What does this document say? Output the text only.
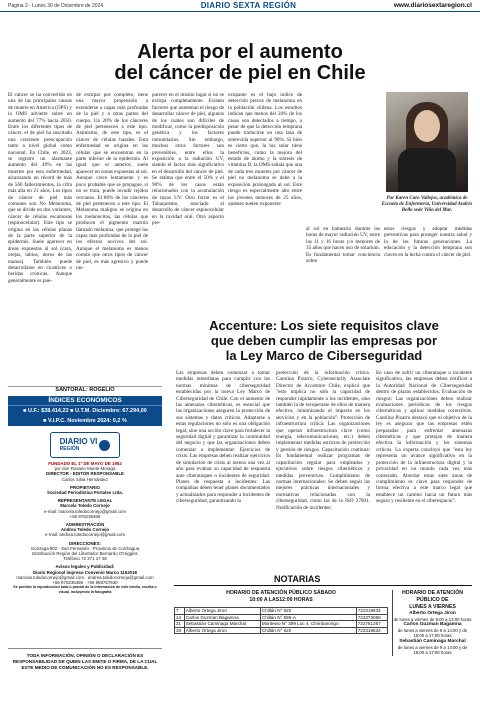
Página 2 - Lunes 30 de Diciembre de 2024	DIARIO SEXTA REGIÓN	www.diariosextaregion.cl
Alerta por el aumento
del cáncer de piel en Chile
El cáncer se ha convertido en una de las principales causas de muerte en América (OPS) y la OMS advierte sobre un aumento del 77% hacia 2050. Entre los diferentes tipos de cáncer, el de piel ha suscitado una creciente preocupación tanto a nivel global como nacional. En Chile, en 2023, se registró un alarmante aumento del 49% en las muertes por esta enfermedad, alcanzando un récord de más de 560 fallecimientos, la cifra más alta en 21 años. Los tipos de cáncer de piel más comunes son No Melanoma, que se divide en dos variantes, cáncer de células escamosas (espinocelular). Este tipo se origina en las células planas de la parte superior de la epidermis. Suele aparecer en áreas expuestas al sol (cara, orejas, labios, dorso de las manos). También puede desarrollarse en cicatrices o heridas crónicas. Aunque generalmente es pue-
de extirpar por completo, tiene una mayor propensión a extenderse a capas más profundas de la piel y a otras partes del cuerpo. Un 20% de los cánceres de piel pertenecen a este tipo. Asimismo, de este tipo, es el cáncer de células basales. Esta enfermedad se origina en las células que se encuentran en la parte inferior de la epidermis. Al igual que el anterior, suele aparecer en zonas expuestas al sol. Aunque crece lentamente y es poco probable que se propague, si no se trata, puede invadir tejidos cercanos. El 80% de los cánceres de piel pertenecen a este tipo. El Melanoma maligno se origina en los melanocitos, las células que producen el pigmento marrón llamado melanina, que protege las capas más profundas de la piel de los efectos nocivos del sol. Aunque el melanoma es menos común que otros tipos de cáncer de piel, es más agresivo y puede ras-
parecer en el mismo lugar si no se extirpa completamente. Existen factores que aumentan el riesgo de desarrollar cáncer de piel, algunos de los cuales son difíciles de modificar, como la predisposición genética y los factores inmunitarios. Sin embargo, muchos otros factores son prevenibles, entre ellos la exposición a la radiación UV, siendo el factor más significativo en el desarrollo del cáncer de piel. Se estima que entre el 50% y el 90% de los casos están relacionados con la acumulación de rayos UV. Otro factor es el Tabaquismo, asociado al desarrollo de cáncer espinocelular en la cavidad oral. Otro aspecto pre-
ocupante es el bajo índice de detección precoz de melanoma en la población chilena. Los estudios indican que menos del 20% de los casos son detectados a tiempo, a pesar de que la detección temprana puede traducirse en una tasa de sobrevida superior al 90%. Si bien es cierto que, la luz solar tiene beneficios, como la mejora del estado de ánimo y la síntesis de vitamina D, la OMS señala que una de cada tres muertes por cáncer de piel no melanoma se debe a la exposición prolongada al sol. Este riesgo es especialmente alto entre los jóvenes menores de 25 años, quienes suelen exponerse
al sol en balneario durante las horas de mayor radiación UV, entre las 11 y 16 horas y/o menores de 35 años que hacen uso de solarium. Es fundamental tomar conciencia sobre
estos riesgos y adoptar medidas preventivas para proteger nuestra salud y la de las futuras generaciones. La educación y la detección temprana son claves en la lucha contra el cáncer de piel.
Por Karen Caro Vallejos, académica de Escuela de Enfermería, Universidad Andrés Bello sede Viña del Mar.
Accenture: Los siete requisitos clave
que deben cumplir las empresas por
la Ley Marco de Ciberseguridad
Las empresas deben comenzar a tomar medidas inmediatas para cumplir con las normas mínimas de ciberseguridad establecidas por la nueva Ley Marco de Ciberseguridad de Chile. Con el aumento de las amenazas cibernéticas, es esencial que las organizaciones aseguren la protección de sus sistemas y datos críticos. Adaptarse a estas regulaciones no sólo es una obligación legal, sino una acción clave para fortalecer la seguridad digital y garantizar la continuidad del negocio y que las organizaciones deben comenzar a implementar: Ejercicios de crisis: Las empresas deben realizar ejercicios de simulación de crisis al menos una vez al año para evaluar su capacidad de respuesta ante ciberataques o incidentes de seguridad. Planes de respuesta a incidentes: Las compañías deben tener planes documentados y actualizados para responder a incidentes de ciberseguridad, garantizando la
protección de la información crítica. Carolina Pizarro, Cybersecurity Associate Director de Accenture Chile, explicó que "esto implica no sólo la capacidad de responder rápidamente a los incidentes, sino también la de recuperarse de ellos de manera efectiva, minimizando el impacto en los servicios y en la población". Protección de infraestructura crítica: Las organizaciones que operan infraestructura clave (como energía, telecomunicaciones, etc.) deben implementar medidas estrictas de protección y gestión de riesgos. Capacitación continua: Es fundamental realizar programas de capacitación regular para empleados y ejecutivos sobre riesgos cibernéticos y medidas preventivas. Cumplimiento de normas internacionales: Se deben seguir las mejores prácticas internacionales y normativas relacionadas con la ciberseguridad, como las de la ISO 27001. Notificación de incidentes:
En caso de sufrir un ciberataque o incidente significativo, las empresas deben notificar a la Autoridad Nacional de Ciberseguridad dentro de plazos establecidos. Evaluación de riesgos: Las organizaciones deben realizar evaluaciones periódicas de los riesgos cibernéticos y aplicar medidas correctivas. Carolina Pizarro destacó que el objetivo de la ley es asegurar que las empresas estén preparadas para enfrentar amenazas cibernéticas y que protejan de manera efectiva la información y los sistemas críticos. La experta concluyó que "esta ley representa un avance significativo en la protección de la infraestructura digital y la privacidad en un mundo cada vez más conectado. Abordar estas siete áreas de cumplimiento es clave para responder de forma efectiva a este marco legal que establece un camino hacia un futuro más seguro y resiliente en el ciberespacio".
SANTORAL: ROGELIO
ÍNDICES ECONÓMICOS
■ U.F.: $38.414,22 ■ U.T.M. Diciembre: 67.294,00
■ V.I.P.C. Noviembre 2024: 0,2 %
DIARIO VI
REGIÓN
FUNDADO EL 1º DE MAYO DE 1952
por don Rosario Monte Moraga
DIRECTOR - EDITOR RESPONSABLE
Carlos Silva Hernández
PROPIETARIO
Sociedad Periodística Portales Ltda.
REPRESENTANTE LEGAL
Marcela Toledo Cornejo
e-mail: marcela.toledocornejo@gmail.com
+56 976235496
ADMINISTRACIÓN
Andrea Toledo Cornejo
e-mail: andrea.toledocornejo@gmail.com
DIRECCIONES:
Gonzaga 902 - San Fernando - Provincia de Colchagua
Distribución Región del Libertador Bernardo O'Higgins
Teléfono 72 271 17 48
Avisos legales y Publicidad:
Diario Regional impreso Convenio Marco 1152018
marcela.toledocornejo@gmail.com · andrea.toledocornejo@gmail.com
+56 976235496 · +56 958767530
Se prohíbe la reproducción total o parcial de la información de este medio, escrita o visual, incluyendo la fotografía
TODA INFORMACIÓN, OPINIÓN O DECLARACIÓN ES RESPONSABILIDAD DE QUIEN LAS EMITE O FIRMA, DE LA CUAL ESTE MEDIO DE COMUNICACIÓN NO ES RESPONSABLE.
NOTARIAS
HORARIO DE ATENCIÓN PÚBLICO SÁBADO
10:00 A LAS12:00 HORAS
7	Alberto Ortega Jiron	Chillán N° 620	722318634
14	Carlos Guzman Bagamna	Chillán N° 595-A	722373066
21	Sebastián Caminaga Marchal	Moritewo N° 399 Loc 4, Chimbarongo	722751357
28	Alberto Ortega Jiron	Chillán N° 620	722318634
HORARIO DE ATENCIÓN PÚBLICO DE
LUNES A VIERNES
Alberto Ortega Jiron
de lunes a viernes de 9:00 a 13:00 horas
Carlos Guzman Bagamna
de lunes a viernes de 9 a 14:00 y de 15:00 a 17:00 horas
Sebastián Caminaga Marchal
de lunes a viernes de 9 a 14:00 y de 15:00 a 17:00 horas
